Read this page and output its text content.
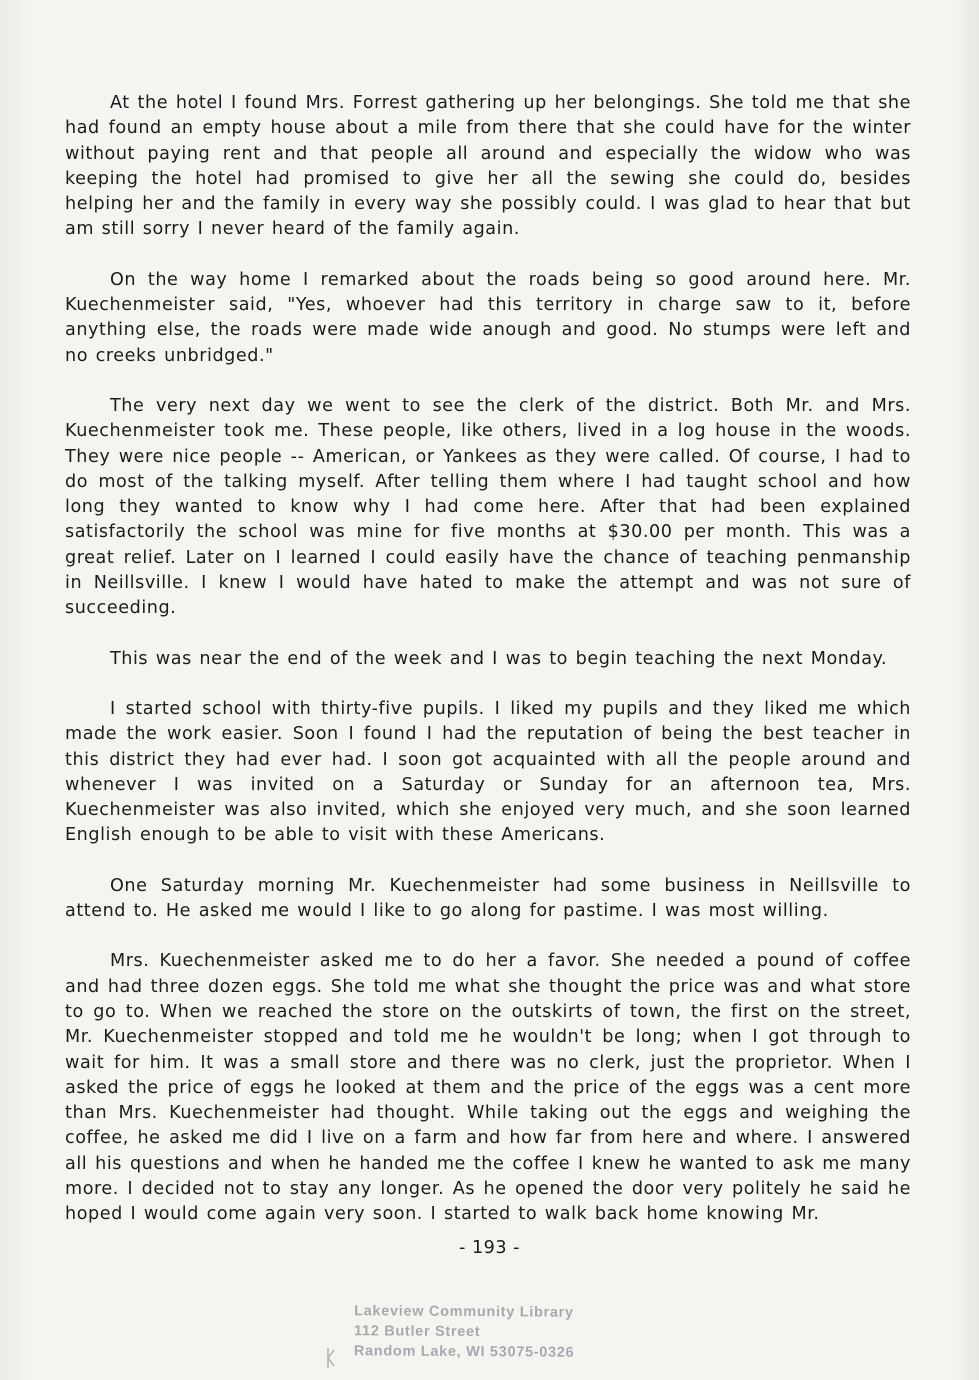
At the hotel I found Mrs. Forrest gathering up her belongings. She told me that she had found an empty house about a mile from there that she could have for the winter without paying rent and that people all around and especially the widow who was keeping the hotel had promised to give her all the sewing she could do, besides helping her and the family in every way she possibly could. I was glad to hear that but am still sorry I never heard of the family again.

On the way home I remarked about the roads being so good around here. Mr. Kuechenmeister said, "Yes, whoever had this territory in charge saw to it, before anything else, the roads were made wide anough and good. No stumps were left and no creeks unbridged."

The very next day we went to see the clerk of the district. Both Mr. and Mrs. Kuechenmeister took me. These people, like others, lived in a log house in the woods. They were nice people -- American, or Yankees as they were called. Of course, I had to do most of the talking myself. After telling them where I had taught school and how long they wanted to know why I had come here. After that had been explained satisfactorily the school was mine for five months at $30.00 per month. This was a great relief. Later on I learned I could easily have the chance of teaching penmanship in Neillsville. I knew I would have hated to make the attempt and was not sure of succeeding.

This was near the end of the week and I was to begin teaching the next Monday.

I started school with thirty-five pupils. I liked my pupils and they liked me which made the work easier. Soon I found I had the reputation of being the best teacher in this district they had ever had. I soon got acquainted with all the people around and whenever I was invited on a Saturday or Sunday for an afternoon tea, Mrs. Kuechenmeister was also invited, which she enjoyed very much, and she soon learned English enough to be able to visit with these Americans.

One Saturday morning Mr. Kuechenmeister had some business in Neillsville to attend to. He asked me would I like to go along for pastime. I was most willing.

Mrs. Kuechenmeister asked me to do her a favor. She needed a pound of coffee and had three dozen eggs. She told me what she thought the price was and what store to go to. When we reached the store on the outskirts of town, the first on the street, Mr. Kuechenmeister stopped and told me he wouldn't be long; when I got through to wait for him. It was a small store and there was no clerk, just the proprietor. When I asked the price of eggs he looked at them and the price of the eggs was a cent more than Mrs. Kuechenmeister had thought. While taking out the eggs and weighing the coffee, he asked me did I live on a farm and how far from here and where. I answered all his questions and when he handed me the coffee I knew he wanted to ask me many more. I decided not to stay any longer. As he opened the door very politely he said he hoped I would come again very soon. I started to walk back home knowing Mr.

- 193 -
Lakeview Community Library
112 Butler Street
Random Lake, WI 53075-0326
